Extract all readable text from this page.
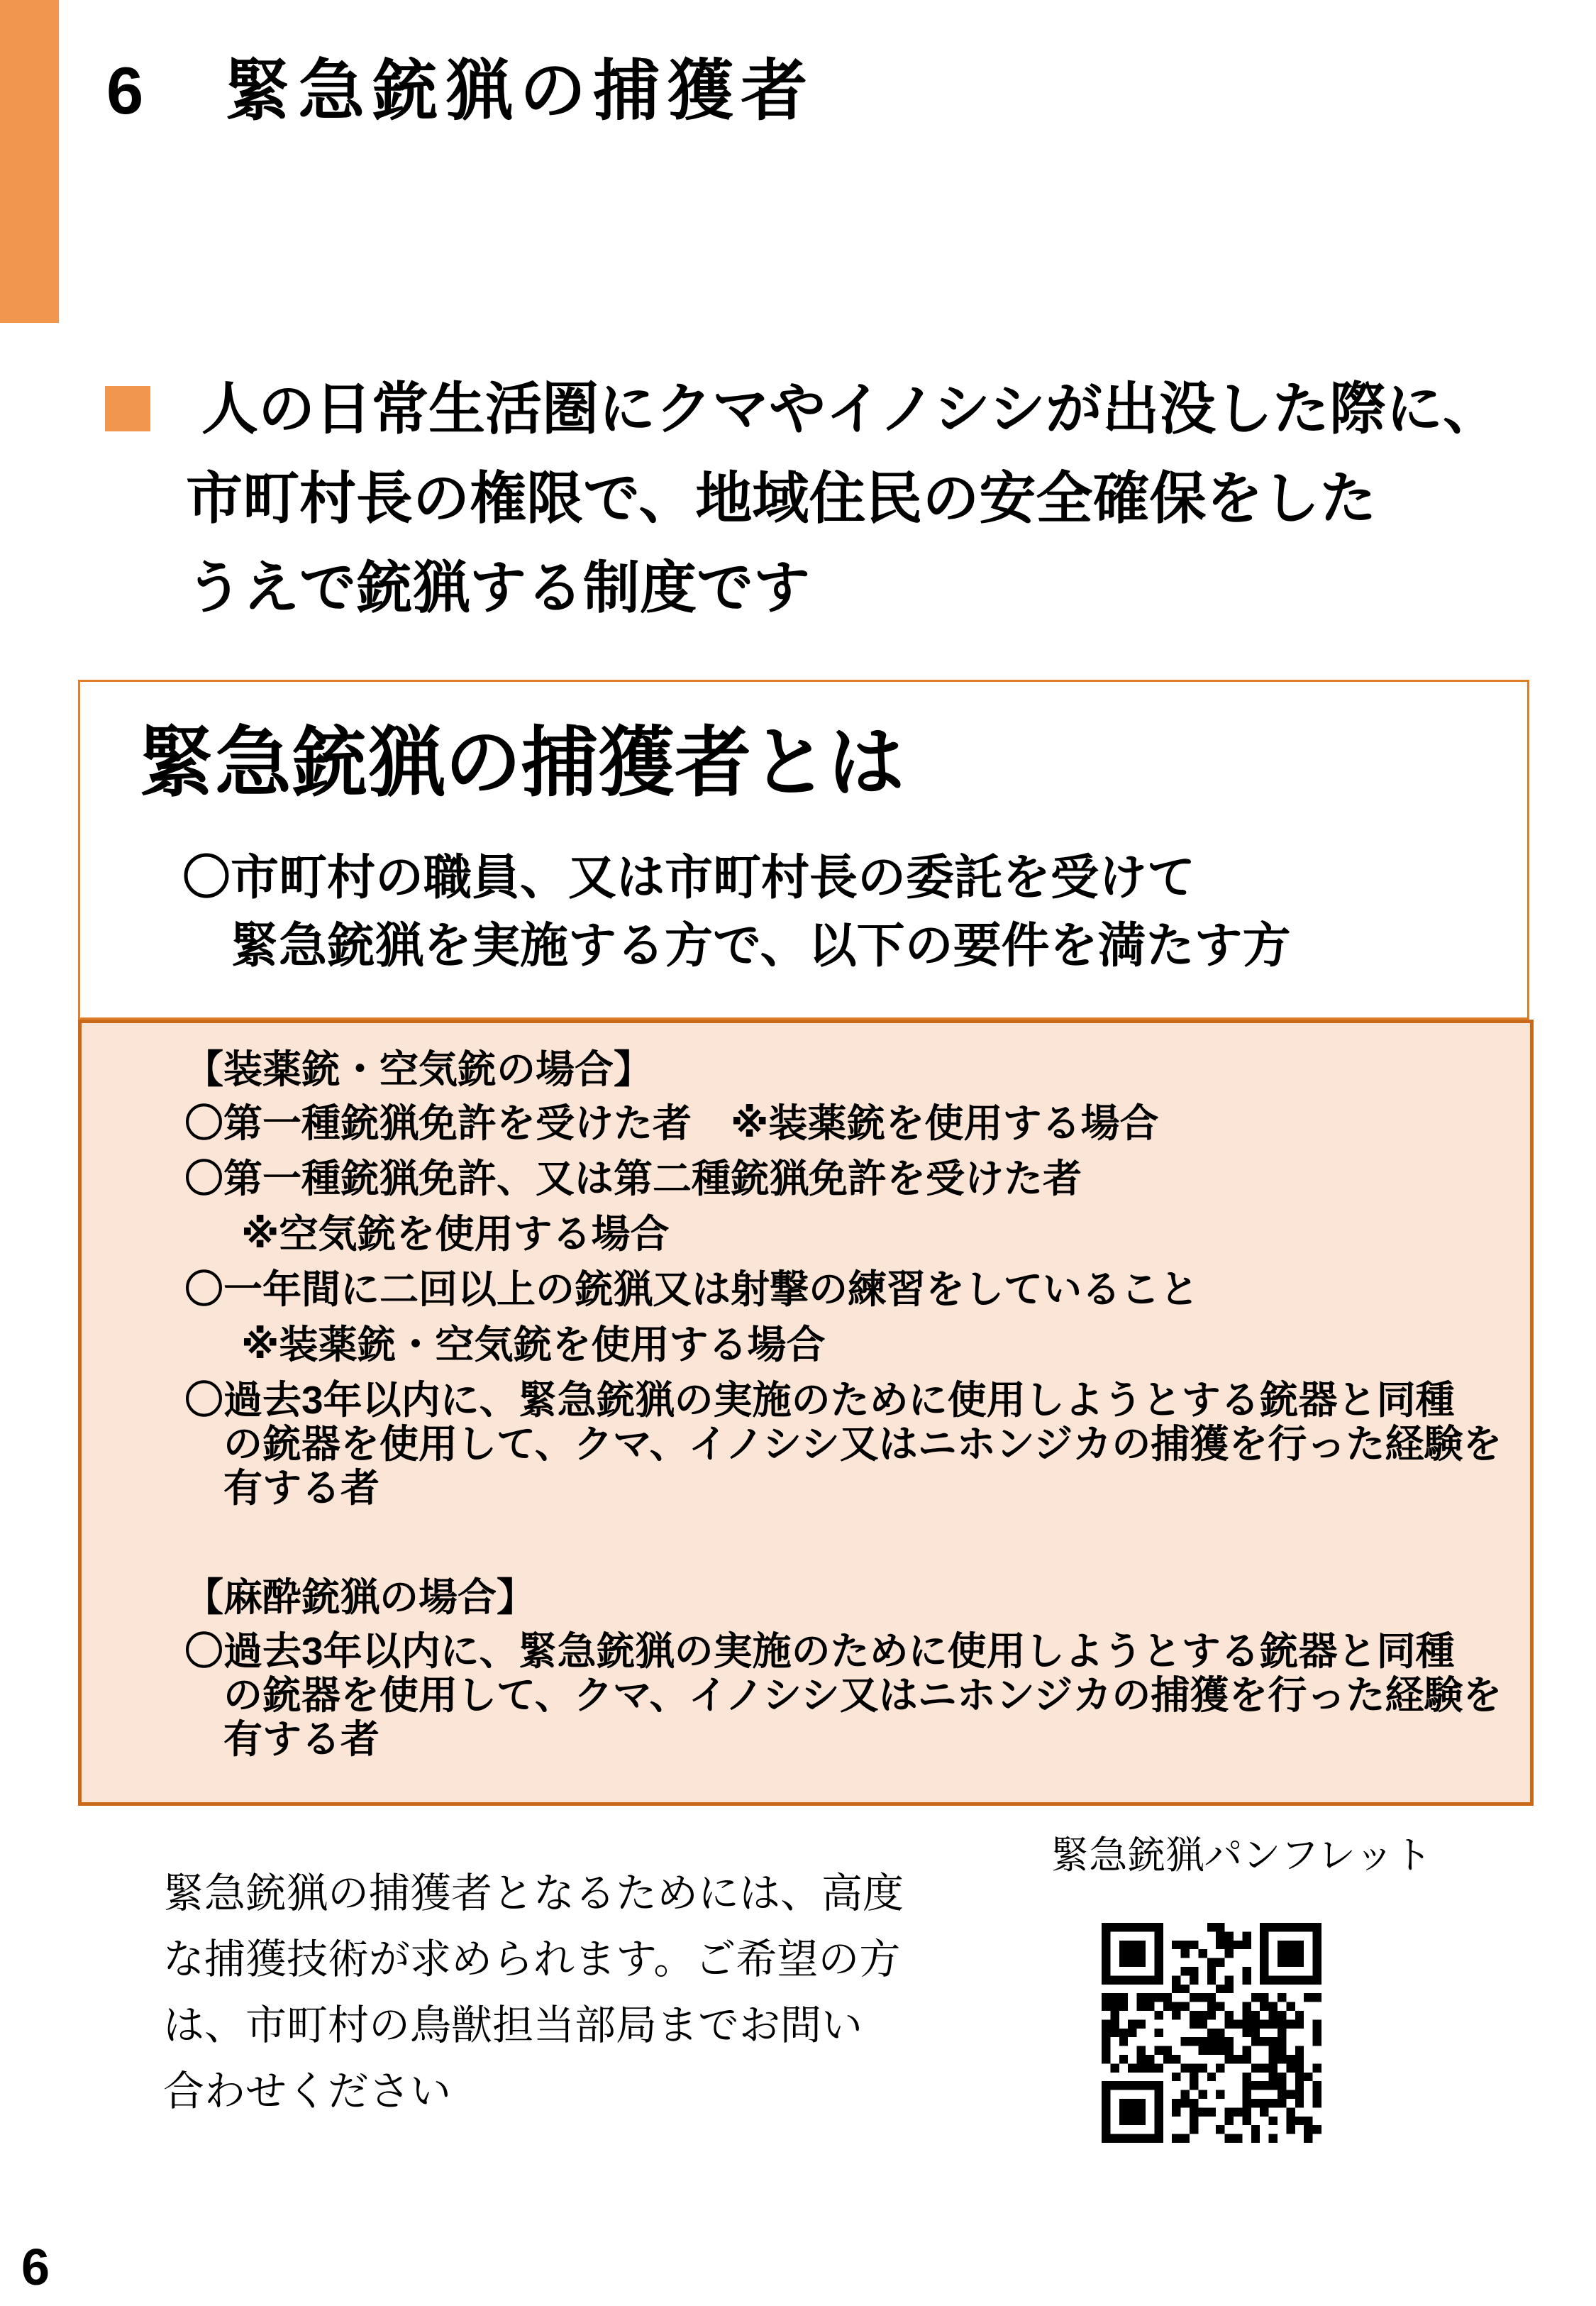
6　緊急銃猟の捕獲者

人の日常生活圏にクマやイノシシが出没した際に、

市町村長の権限で、地域住民の安全確保をした

うえで銃猟する制度です

緊急銃猟の捕獲者とは

〇市町村の職員、又は市町村長の委託を受けて

緊急銃猟を実施する方で、以下の要件を満たす方

【装薬銃・空気銃の場合】

〇第一種銃猟免許を受けた者　※装薬銃を使用する場合

〇第一種銃猟免許、又は第二種銃猟免許を受けた者

※空気銃を使用する場合

〇一年間に二回以上の銃猟又は射撃の練習をしていること

※装薬銃・空気銃を使用する場合

〇過去3年以内に、緊急銃猟の実施のために使用しようとする銃器と同種

の銃器を使用して、クマ、イノシシ又はニホンジカの捕獲を行った経験を

有する者

【麻酔銃猟の場合】

〇過去3年以内に、緊急銃猟の実施のために使用しようとする銃器と同種

の銃器を使用して、クマ、イノシシ又はニホンジカの捕獲を行った経験を

有する者

緊急銃猟の捕獲者となるためには、高度

な捕獲技術が求められます。ご希望の方

は、市町村の鳥獣担当部局までお問い

合わせください

緊急銃猟パンフレット

6
